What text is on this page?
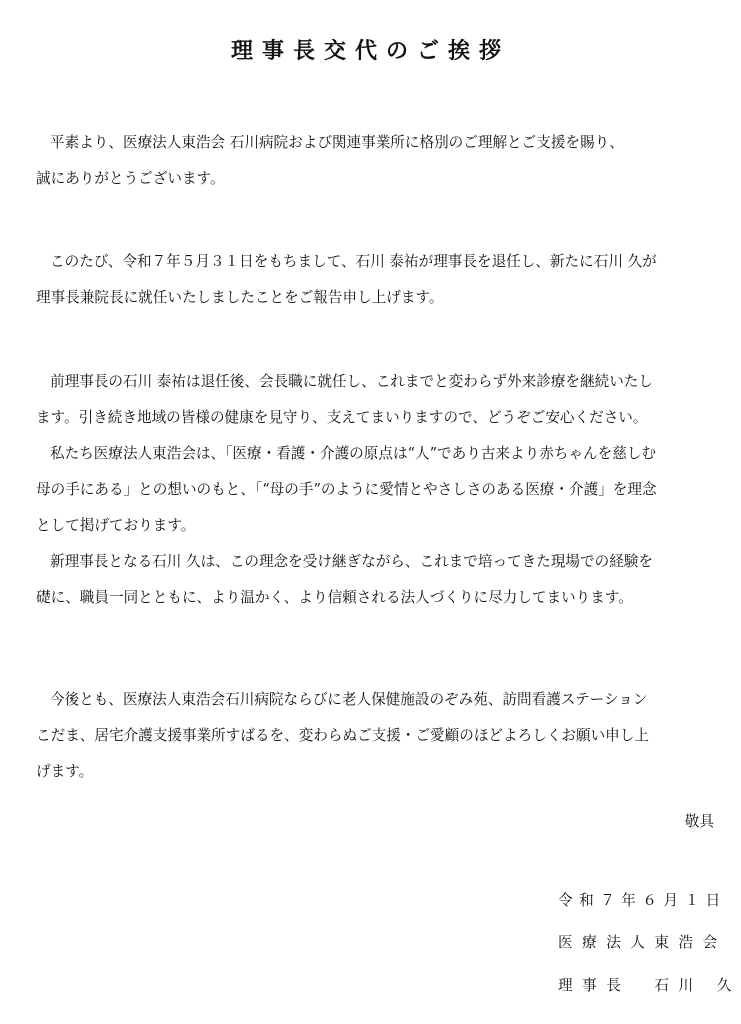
理事長交代のご挨拶
平素より、医療法人東浩会 石川病院および関連事業所に格別のご理解とご支援を賜り、
誠にありがとうございます。
このたび、令和７年５月３１日をもちまして、石川 泰祐が理事長を退任し、新たに石川 久が
理事長兼院長に就任いたしましたことをご報告申し上げます。
前理事長の石川 泰祐は退任後、会長職に就任し、これまでと変わらず外来診療を継続いたし
ます。引き続き地域の皆様の健康を見守り、支えてまいりますので、どうぞご安心ください。
私たち医療法人東浩会は、「医療・看護・介護の原点は“人”であり古来より赤ちゃんを慈しむ
母の手にある」との想いのもと、「“母の手”のように愛情とやさしさのある医療・介護」を理念
として掲げております。
新理事長となる石川 久は、この理念を受け継ぎながら、これまで培ってきた現場での経験を
礎に、職員一同とともに、より温かく、より信頼される法人づくりに尽力してまいります。
今後とも、医療法人東浩会石川病院ならびに老人保健施設のぞみ苑、訪問看護ステーション
こだま、居宅介護支援事業所すばるを、変わらぬご支援・ご愛顧のほどよろしくお願い申し上
げます。
敬具
令和７年６月１日
医療法人東浩会
理事長　石川 久
